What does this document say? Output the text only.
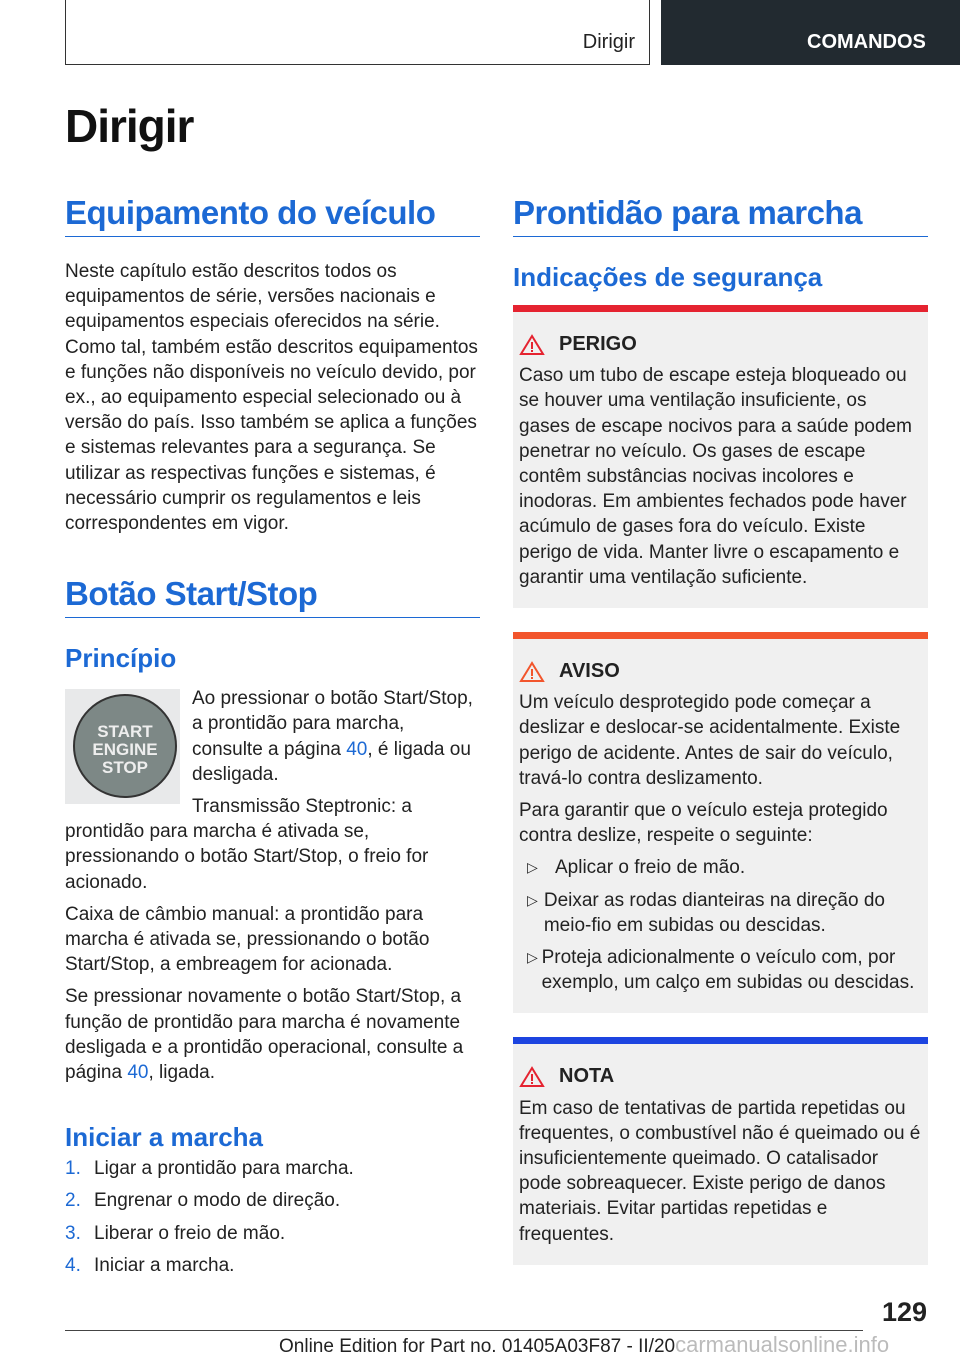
Dirigir	COMANDOS
Dirigir
Equipamento do veículo

Neste capítulo estão descritos todos os equipamentos de série, versões nacionais e equipamentos especiais oferecidos na série. Como tal, também estão descritos equipamentos e funções não disponíveis no veículo devido, por ex., ao equipamento especial selecionado ou à versão do país. Isso também se aplica a funções e sistemas relevantes para a segurança. Se utilizar as respectivas funções e sistemas, é necessário cumprir os regulamentos e leis correspondentes em vigor.

Botão Start/Stop
Princípio
START
ENGINE
STOP

Ao pressionar o botão Start/Stop, a prontidão para marcha, consulte a página 40, é ligada ou desligada.

Transmissão Steptronic: a prontidão para marcha é ativada se, pressionando o botão Start/Stop, o freio for acionado.

Caixa de câmbio manual: a prontidão para marcha é ativada se, pressionando o botão Start/Stop, a embreagem for acionada.

Se pressionar novamente o botão Start/Stop, a função de prontidão para marcha é novamente desligada e a prontidão operacional, consulte a página 40, ligada.

Iniciar a marcha
1. Ligar a prontidão para marcha.
2. Engrenar o modo de direção.
3. Liberar o freio de mão.
4. Iniciar a marcha.
Prontidão para marcha
Indicações de segurança
PERIGO

Caso um tubo de escape esteja bloqueado ou se houver uma ventilação insuficiente, os gases de escape nocivos para a saúde podem penetrar no veículo. Os gases de escape contêm substâncias nocivas incolores e inodoras. Em ambientes fechados pode haver acúmulo de gases fora do veículo. Existe perigo de vida. Manter livre o escapamento e garantir uma ventilação suficiente.

AVISO

Um veículo desprotegido pode começar a deslizar e deslocar-se acidentalmente. Existe perigo de acidente. Antes de sair do veículo, travá-lo contra deslizamento.

Para garantir que o veículo esteja protegido contra deslize, respeite o seguinte:

▷ Aplicar o freio de mão.
▷ Deixar as rodas dianteiras na direção do meio-fio em subidas ou descidas.
▷ Proteja adicionalmente o veículo com, por exemplo, um calço em subidas ou descidas.
NOTA

Em caso de tentativas de partida repetidas ou frequentes, o combustível não é queimado ou é insuficientemente queimado. O catalisador pode sobreaquecer. Existe perigo de danos materiais. Evitar partidas repetidas e frequentes.

129
Online Edition for Part no. 01405A03F87 - II/20carmanualsonline.info
